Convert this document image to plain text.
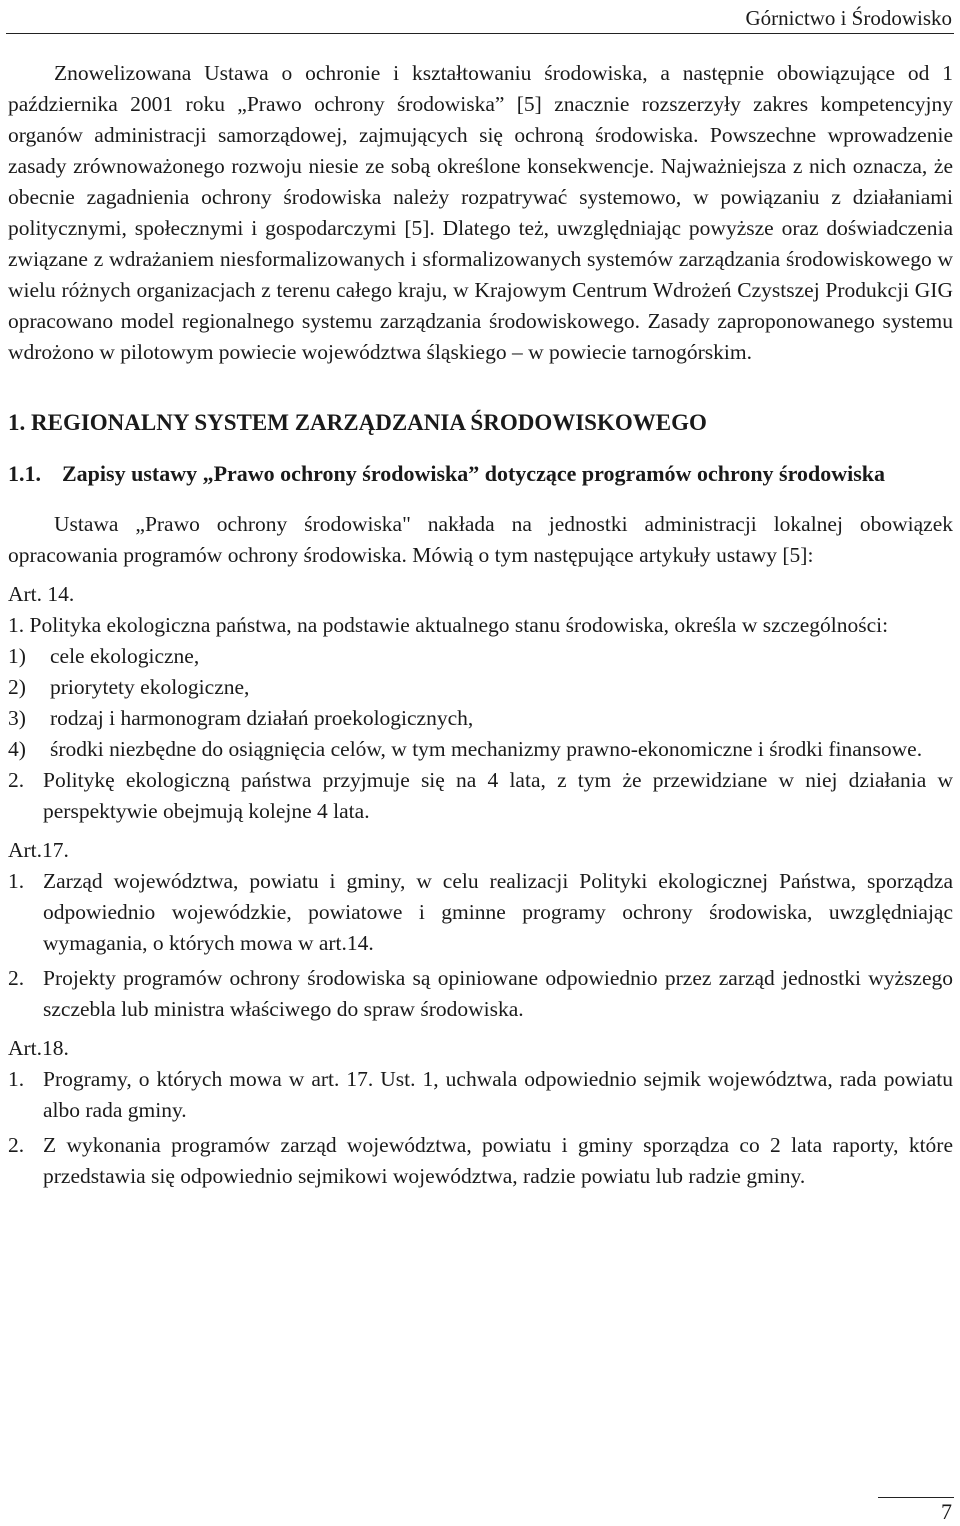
Górnictwo i Środowisko

Znowelizowana Ustawa o ochronie i kształtowaniu środowiska, a następnie obowiązujące od 1 października 2001 roku „Prawo ochrony środowiska” [5] znacznie rozszerzyły zakres kompetencyjny organów administracji samorządowej, zajmujących się ochroną środowiska. Powszechne wprowadzenie zasady zrównoważonego rozwoju niesie ze sobą określone konsekwencje. Najważniejsza z nich oznacza, że obecnie zagadnienia ochrony środowiska należy rozpatrywać systemowo, w powiązaniu z działaniami politycznymi, społecznymi i gospodarczymi [5]. Dlatego też, uwzględniając powyższe oraz doświadczenia związane z wdrażaniem niesformalizowanych i sformalizowanych systemów zarządzania środowiskowego w wielu różnych organizacjach z terenu całego kraju, w Krajowym Centrum Wdrożeń Czystszej Produkcji GIG opracowano model regionalnego systemu zarządzania środowiskowego. Zasady zaproponowanego systemu wdrożono w pilotowym powiecie województwa śląskiego – w powiecie tarnogórskim.

1. REGIONALNY SYSTEM ZARZĄDZANIA ŚRODOWISKOWEGO
1.1. Zapisy ustawy „Prawo ochrony środowiska” dotyczące programów ochrony środowiska

Ustawa „Prawo ochrony środowiska" nakłada na jednostki administracji lokalnej obowiązek opracowania programów ochrony środowiska. Mówią o tym następujące artykuły ustawy [5]:

Art. 14.

1. Polityka ekologiczna państwa, na podstawie aktualnego stanu środowiska, określa w szczególności:

1)	cele ekologiczne,
2)	priorytety ekologiczne,
3)	rodzaj i harmonogram działań proekologicznych,
4)	środki niezbędne do osiągnięcia celów, w tym mechanizmy prawno-ekonomiczne i środki finansowe.
2. Politykę ekologiczną państwa przyjmuje się na 4 lata, z tym że przewidziane w niej działania w perspektywie obejmują kolejne 4 lata.

Art.17.

1. Zarząd województwa, powiatu i gminy, w celu realizacji Polityki ekologicznej Państwa, sporządza odpowiednio wojewódzkie, powiatowe i gminne programy ochrony środowiska, uwzględniając wymagania, o których mowa w art.14.
2. Projekty programów ochrony środowiska są opiniowane odpowiednio przez zarząd jednostki wyższego szczebla lub ministra właściwego do spraw środowiska.

Art.18.

1. Programy, o których mowa w art. 17. Ust. 1, uchwala odpowiednio sejmik województwa, rada powiatu albo rada gminy.
2. Z wykonania programów zarząd województwa, powiatu i gminy sporządza co 2 lata raporty, które przedstawia się odpowiednio sejmikowi województwa, radzie powiatu lub radzie gminy.
7
